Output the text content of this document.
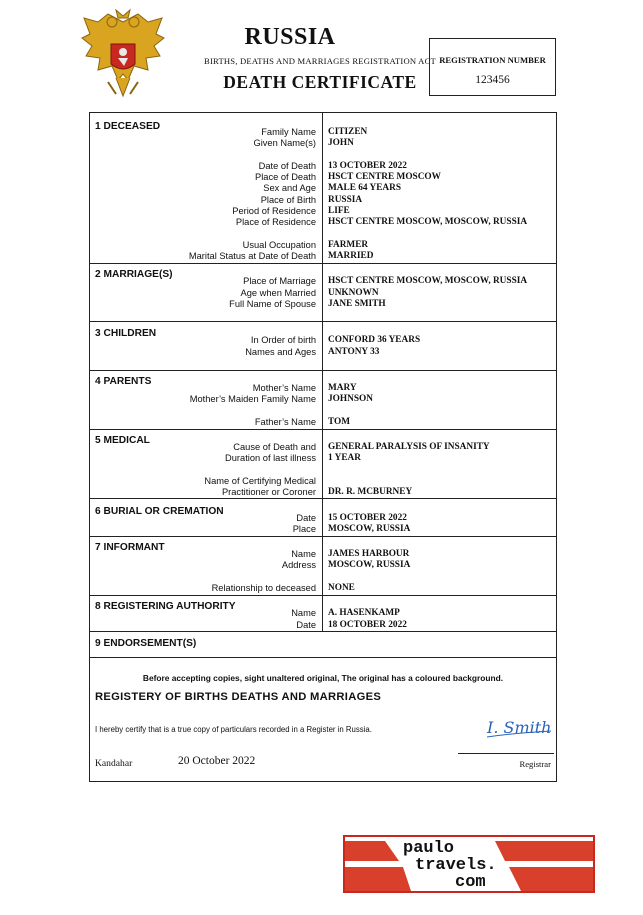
RUSSIA
BIRTHS, DEATHS AND MARRIAGES REGISTRATION ACT
DEATH CERTIFICATE
REGISTRATION NUMBER
123456
1 DECEASED	Family Name CITIZEN
Given Name(s) JOHN
Date of Death 13 OCTOBER 2022
Place of Death HSCT CENTRE MOSCOW
Sex and Age MALE 64 YEARS
Place of Birth RUSSIA
Period of Residence LIFE
Place of Residence HSCT CENTRE MOSCOW, MOSCOW, RUSSIA
Usual Occupation FARMER
Marital Status at Date of Death MARRIED
2 MARRIAGE(S)
Place of Marriage HSCT CENTRE MOSCOW, MOSCOW, RUSSIA
Age when Married UNKNOWN
Full Name of Spouse JANE SMITH
3 CHILDREN
In Order of birth CONFORD 36 YEARS
Names and Ages ANTONY 33
4 PARENTS
Mother’s Name MARY
Mother’s Maiden Family Name JOHNSON
Father’s Name TOM
5 MEDICAL
Cause of Death and GENERAL PARALYSIS OF INSANITY
Duration of last illness 1 YEAR
Name of Certifying Medical
Practitioner or Coroner DR. R. MCBURNEY
6 BURIAL OR CREMATION
Date 15 OCTOBER 2022
Place MOSCOW, RUSSIA
7 INFORMANT
Name JAMES HARBOUR
Address MOSCOW, RUSSIA
Relationship to deceased NONE
8 REGISTERING AUTHORITY
Name A. HASENKAMP
Date 18 OCTOBER 2022
9 ENDORSEMENT(S)
Before accepting copies, sight unaltered original, The original has a coloured background.
REGISTERY OF BIRTHS DEATHS AND MARRIAGES
I hereby certify that is a true copy of particulars recorded in a Register in Russia.	I. Smith
Kandahar	20 October 2022	Registrar
paulo
travels.
com
